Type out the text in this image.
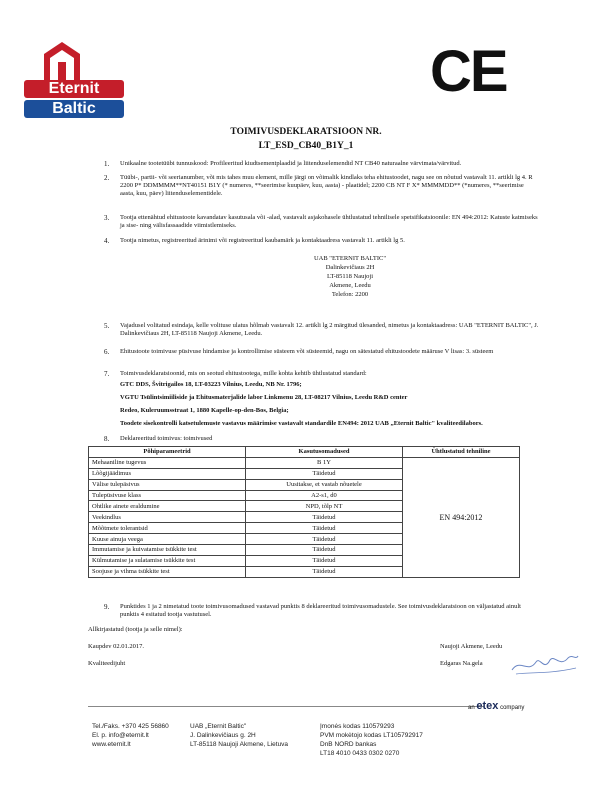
Eternit
Baltic
CE
TOIMIVUSDEKLARATSIOON NR.
LT_ESD_CB40_B1Y_1
1. Unikaalne tootetüübi tunnuskood: Profileeritud kiudtsementplaadid ja liitenduselemendid NT CB40 naturaalne värvimata/värvitud.
2. Tüübi-, partii- või seerianumber, või mis tahes muu element, mille järgi on võimalik kindlaks teha ehitustoodet, nagu see on nõutud vastavalt 11. artikli lg 4. R 2200 P* DDMMMM**NT40151 B1Y (* numeres, **seerimise kuupäev, kuu, aasta) - plaatidel; 2200 CB NT F X* MMMMDD** (*numeres, **seerimise aasta, kuu, päev) liitenduselementidele.
3. Tootja ettenähtud ehitustoote kavandatav kasutusala või -alad, vastavalt asjakohasele ühtlustatud tehnilisele spetsifikatsioonile: EN 494:2012: Katuste katmiseks ja sise- ning välisfassaadide viimistlemiseks.
4. Tootja nimetus, registreeritud ärinimi või registreeritud kaubamärk ja kontaktaadress vastavalt 11. artikli lg 5.
UAB "ETERNIT BALTIC"
Dalinkevičiaus 2H
LT-85118 Naujoji
Akmene, Leedu
Telefon: 2200
5. Vajadusel volitatud esindaja, kelle volituse ulatus hõlmab vastavalt 12. artikli lg 2 märgitud ülesanded, nimetus ja kontaktaadress: UAB "ETERNIT BALTIC", J. Dalinkevičiaus 2H, LT-85118 Naujoji Akmene, Leedu.
6. Ehitustoote toimivuse püsivuse hindamise ja kontrollimise süsteem või süsteemid, nagu on sätestatud ehitustoodete määruse V lisas: 3. süsteem
7. Toimivusdeklaratsioonid, mis on seotud ehitustootega, mille kohta kehtib ühtlustatud standard:
GTC DDS, Švitrigailos 18, LT-03223 Vilnius, Leedu, NB Nr. 1796;
VGTU Tsülintsimiiliside ja Ehitusmaterjalide labor Linkmenu 28, LT-08217 Vilnius, Leedu R&D center
Redeo, Kuleruumsstraat 1, 1880 Kapelle-op-den-Bos, Belgia;
Toodete sisekontrolli katsetulemuste vastavus määrimise vastavalt standardile EN494: 2012 UAB „Eternit Baltic" kvaliteedilabors.
8. Deklareeritud toimivus: toimivused
Põhiparameetrid	Kasutusomadused	Ühtlustatud tehniline
Mehaaniline tugevus	B 1Y	EN 494:2012
Lõõgijäädimus	Täidetud	
Välise tulepäsivus	Uusitakse, et vastab nõuetele	
Tulepüsivuse klass	A2-s1, d0	
Ohtlike ainete eraldumine	NPD, tõlp NT	
Veekindlus	Täidetud	
Mõõtmete tolerantsid	Täidetud	
Kuuse ainuja veega	Täidetud	
Immutamise ja kuivatamise tsükkite test	Täidetud	
Külmutamise ja sulatamise tsükkite test	Täidetud	
Soojuse ja vihma tsükkite test	Täidetud	
9. Punktides 1 ja 2 nimetatud toote toimivusomadused vastavad punktis 8 deklareeritud toimivusomadustele. See toimivusdeklaratsioon on väljastatud ainult punktis 4 esitatud tootja vastutusel.
Allkirjastatud (tootja ja selle nimel):
Kaupdev 02.01.2017.
Kvaliteedijuht
Naujoji Akmene, Leedu
Edgaras Na.gela
an etex company
Tel./Faks. +370 425 56860
El. p. info@eternit.lt
www.eternit.lt
UAB „Eternit Baltic"
J. Dalinkevičiaus g. 2H
LT-85118 Naujoji Akmene, Lietuva
Įmonės kodas 110579293
PVM mokėtojo kodas LT105792917
DnB NORD bankas
LT18 4010 0433 0302 0270
